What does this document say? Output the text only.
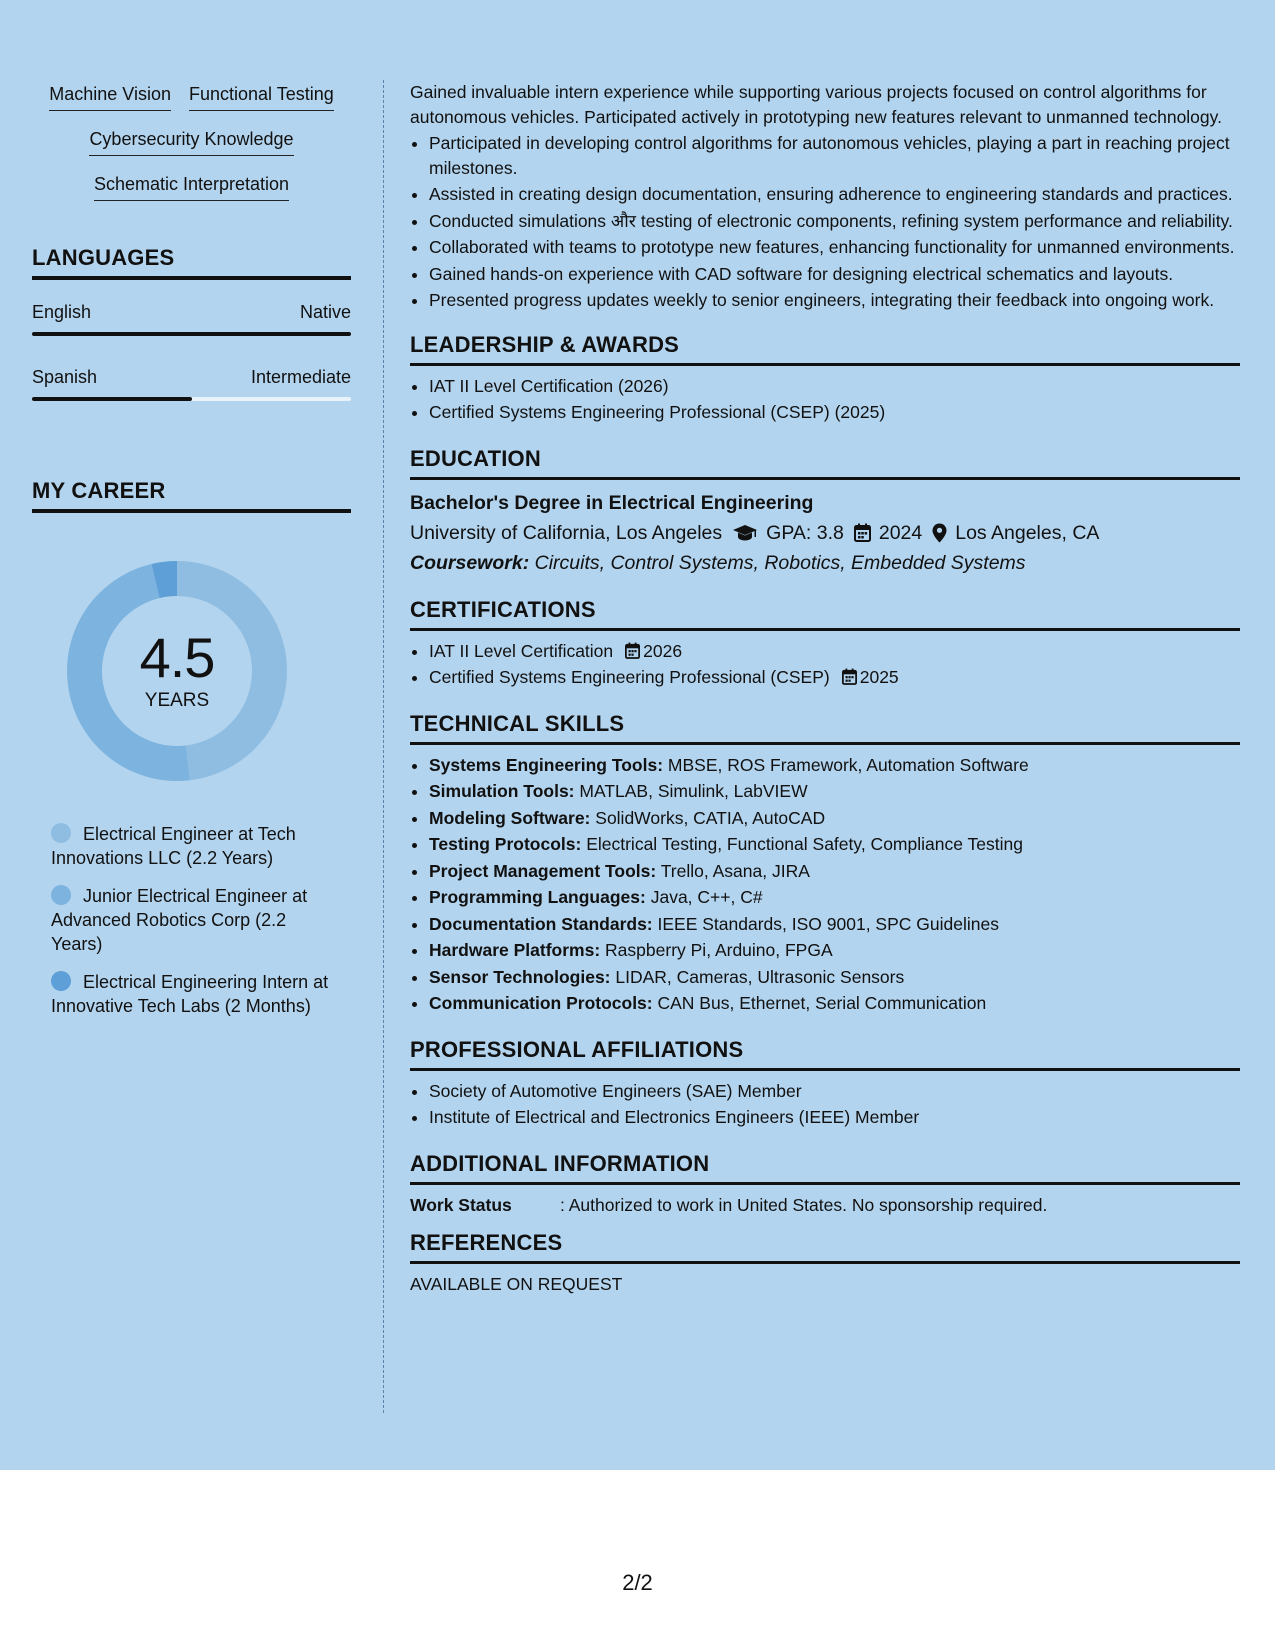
Machine Vision Functional Testing
Cybersecurity Knowledge
Schematic Interpretation
LANGUAGES
English	Native
Spanish	Intermediate
MY CAREER
4.5
YEARS
Electrical Engineer at Tech Innovations LLC (2.2 Years)
Junior Electrical Engineer at Advanced Robotics Corp (2.2 Years)
Electrical Engineering Intern at Innovative Tech Labs (2 Months)

Gained invaluable intern experience while supporting various projects focused on control algorithms for autonomous vehicles. Participated actively in prototyping new features relevant to unmanned technology.

• Participated in developing control algorithms for autonomous vehicles, playing a part in reaching project milestones.
• Assisted in creating design documentation, ensuring adherence to engineering standards and practices.
• Conducted simulations और testing of electronic components, refining system performance and reliability.
• Collaborated with teams to prototype new features, enhancing functionality for unmanned environments.
• Gained hands-on experience with CAD software for designing electrical schematics and layouts.
• Presented progress updates weekly to senior engineers, integrating their feedback into ongoing work.
LEADERSHIP & AWARDS
• IAT II Level Certification (2026)
• Certified Systems Engineering Professional (CSEP) (2025)
EDUCATION
Bachelor's Degree in Electrical Engineering
University of California, Los Angeles GPA: 3.8 2024 Los Angeles, CA
Coursework: Circuits, Control Systems, Robotics, Embedded Systems
CERTIFICATIONS
• IAT II Level Certification 2026
• Certified Systems Engineering Professional (CSEP) 2025
TECHNICAL SKILLS
• Systems Engineering Tools: MBSE, ROS Framework, Automation Software
• Simulation Tools: MATLAB, Simulink, LabVIEW
• Modeling Software: SolidWorks, CATIA, AutoCAD
• Testing Protocols: Electrical Testing, Functional Safety, Compliance Testing
• Project Management Tools: Trello, Asana, JIRA
• Programming Languages: Java, C++, C#
• Documentation Standards: IEEE Standards, ISO 9001, SPC Guidelines
• Hardware Platforms: Raspberry Pi, Arduino, FPGA
• Sensor Technologies: LIDAR, Cameras, Ultrasonic Sensors
• Communication Protocols: CAN Bus, Ethernet, Serial Communication
PROFESSIONAL AFFILIATIONS
• Society of Automotive Engineers (SAE) Member
• Institute of Electrical and Electronics Engineers (IEEE) Member
ADDITIONAL INFORMATION
Work Status	: Authorized to work in United States. No sponsorship required.
REFERENCES
AVAILABLE ON REQUEST
2/2
